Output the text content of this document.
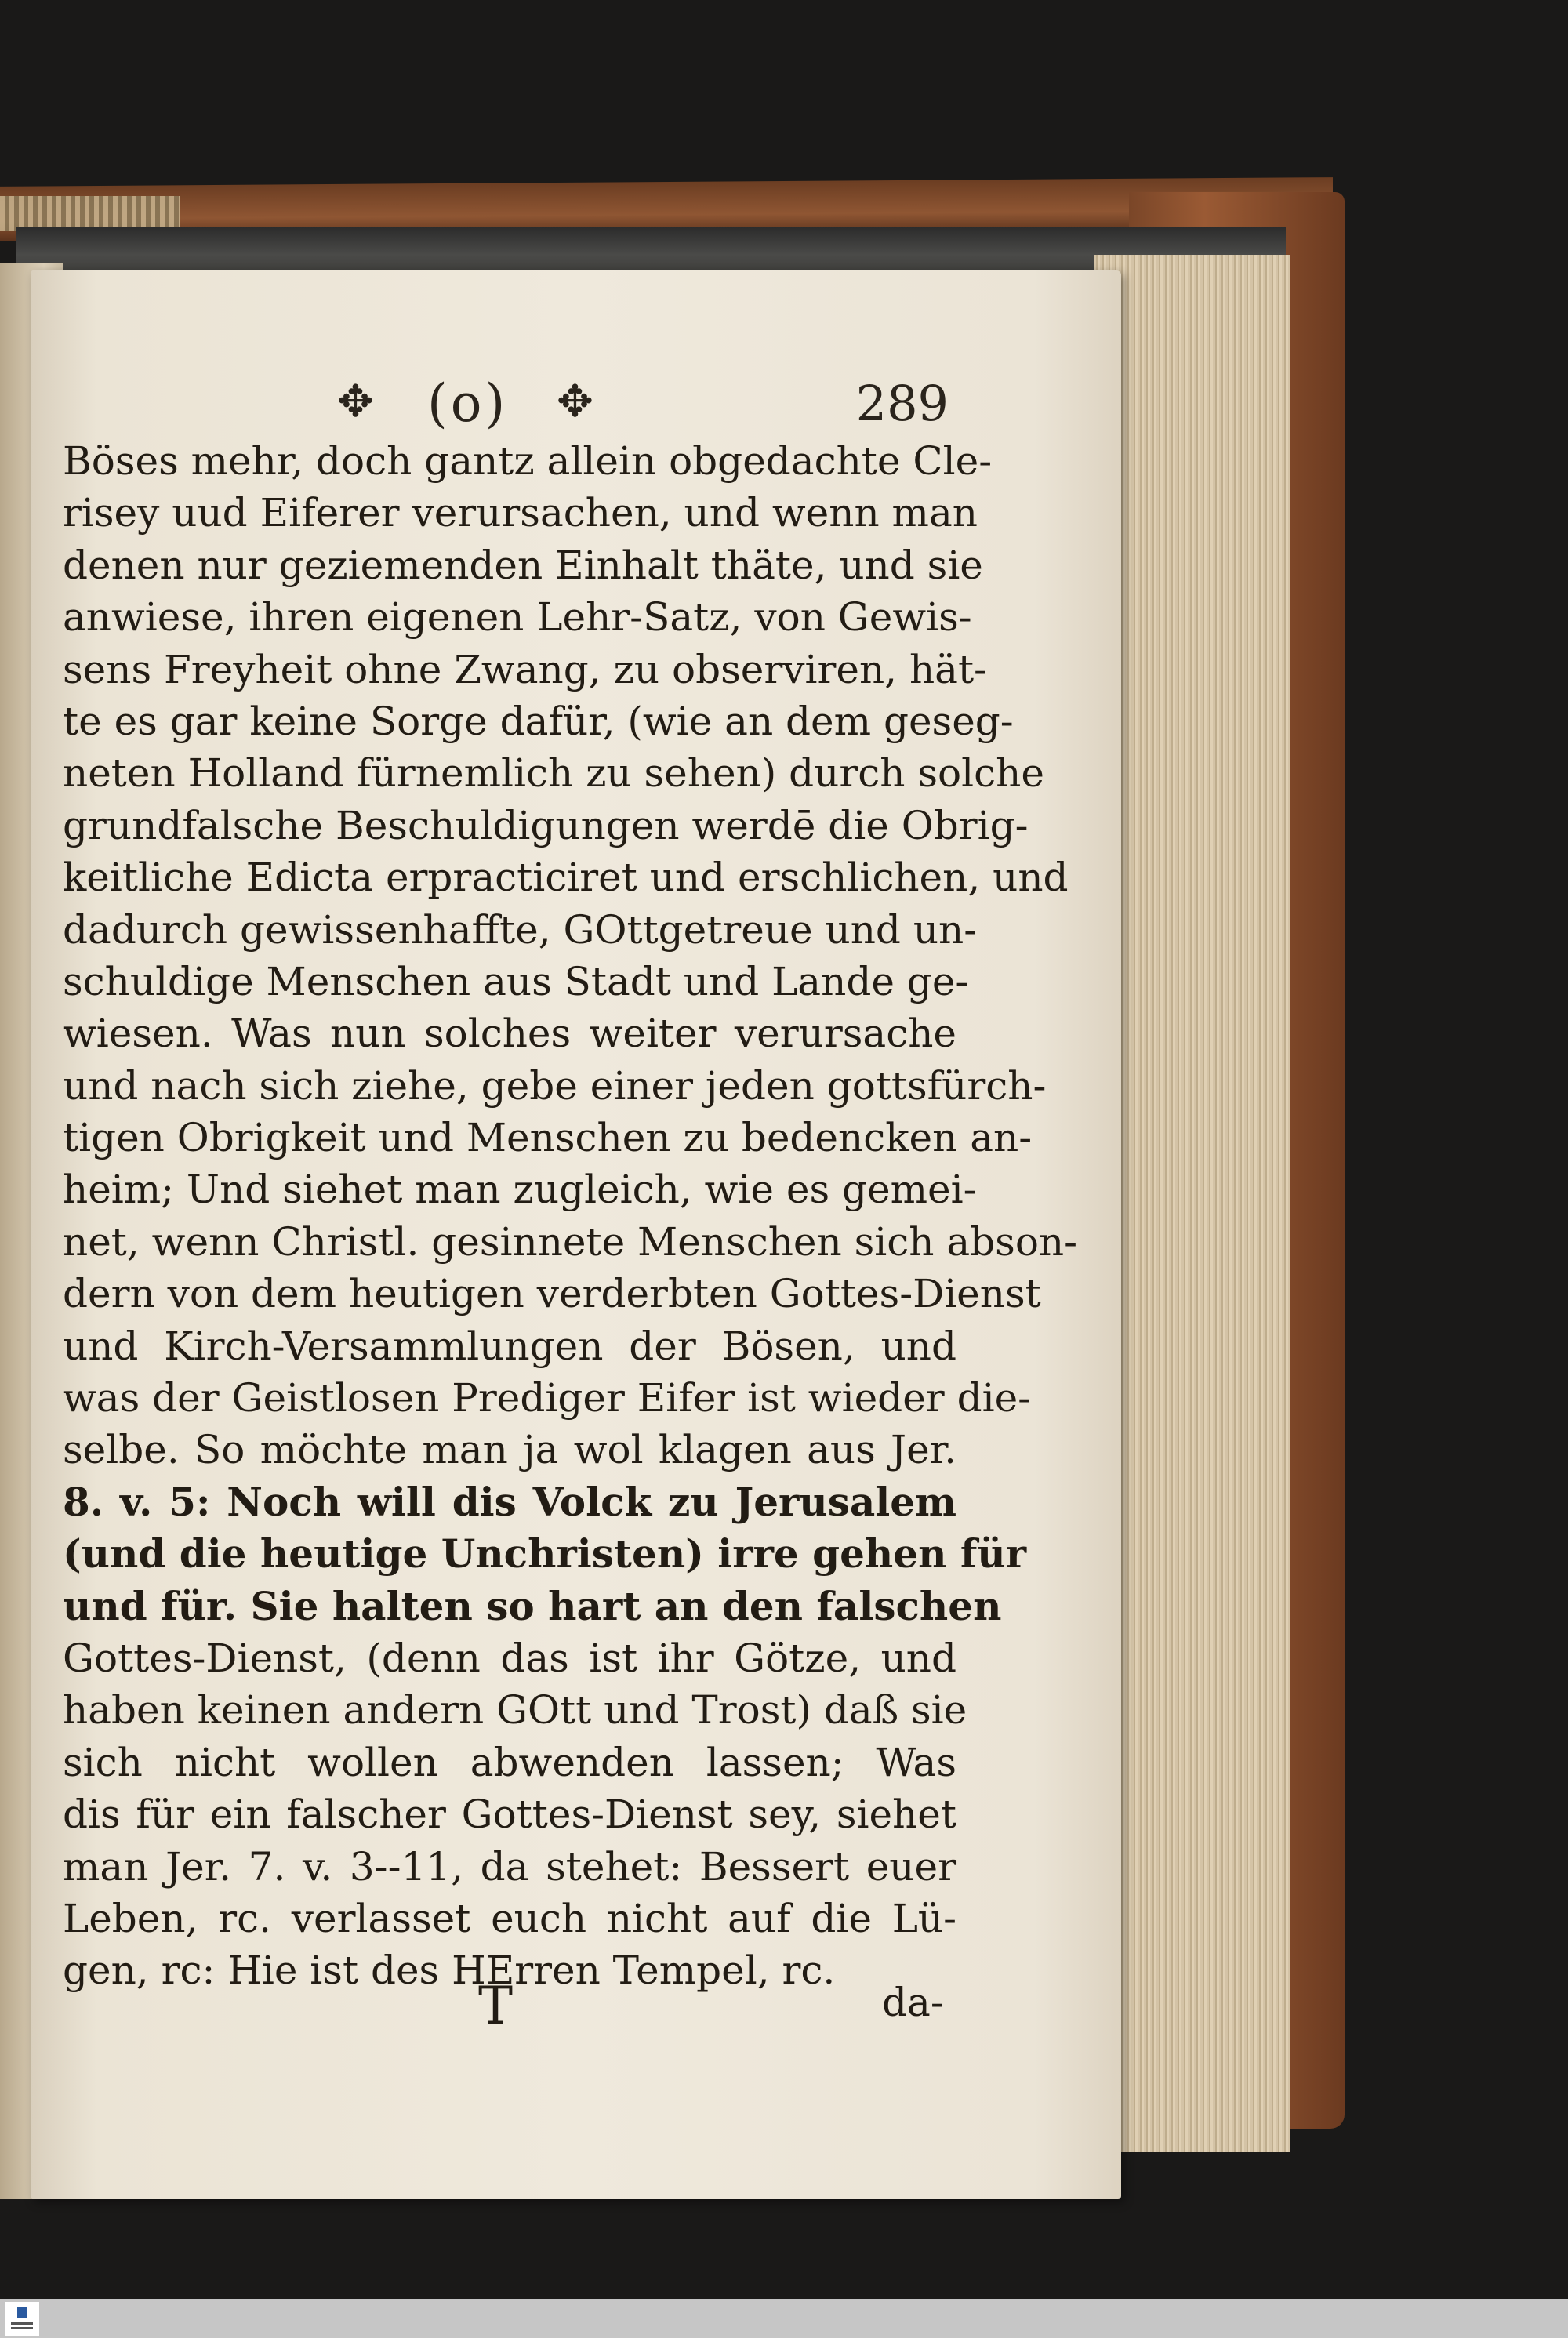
✥ (o) ✥	289
Böses mehr, doch gantz allein obgedachte Cle-
risey uud Eiferer verursachen, und wenn man
denen nur geziemenden Einhalt thäte, und sie
anwiese, ihren eigenen Lehr-Satz, von Gewis-
sens Freyheit ohne Zwang, zu observiren, hät-
te es gar keine Sorge dafür, (wie an dem geseg-
neten Holland fürnemlich zu sehen) durch solche
grundfalsche Beschuldigungen werdē die Obrig-
keitliche Edicta erpracticiret und erschlichen, und
dadurch gewissenhaffte, GOttgetreue und un-
schuldige Menschen aus Stadt und Lande ge-
wiesen. Was nun solches weiter verursache
und nach sich ziehe, gebe einer jeden gottsfürch-
tigen Obrigkeit und Menschen zu bedencken an-
heim; Und siehet man zugleich, wie es gemei-
net, wenn Christl. gesinnete Menschen sich abson-
dern von dem heutigen verderbten Gottes-Dienst
und Kirch-Versammlungen der Bösen, und
was der Geistlosen Prediger Eifer ist wieder die-
selbe. So möchte man ja wol klagen aus Jer.
8. v. 5: Noch will dis Volck zu Jerusalem
(und die heutige Unchristen) irre gehen für
und für. Sie halten so hart an den falschen
Gottes-Dienst, (denn das ist ihr Götze, und
haben keinen andern GOtt und Trost) daß sie
sich nicht wollen abwenden lassen; Was
dis für ein falscher Gottes-Dienst sey, siehet
man Jer. 7. v. 3--11, da stehet: Bessert euer
Leben, rc. verlasset euch nicht auf die Lü-
gen, rc: Hie ist des HErren Tempel, rc.
T	da-
